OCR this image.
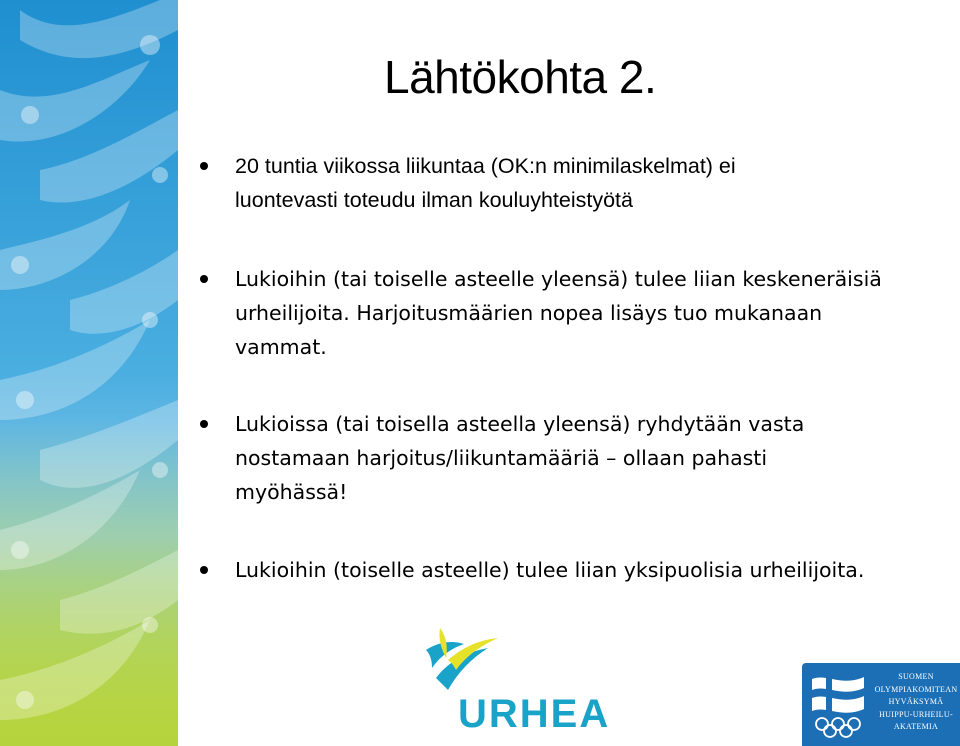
Lähtökohta 2.
20 tuntia viikossa liikuntaa (OK:n minimilaskelmat) ei
luontevasti toteudu ilman kouluyhteistyötä
Lukioihin (tai toiselle asteelle yleensä) tulee liian keskeneräisiä
urheilijoita. Harjoitusmäärien nopea lisäys tuo mukanaan
vammat.
Lukioissa (tai toisella asteella yleensä) ryhdytään vasta
nostamaan harjoitus/liikuntamääriä – ollaan pahasti
myöhässä!
Lukioihin (toiselle asteelle) tulee liian yksipuolisia urheilijoita.
URHEA
SUOMEN
OLYMPIAKOMITEAN
HYVÄKSYMÄ
HUIPPU-URHEILU-
AKATEMIA
